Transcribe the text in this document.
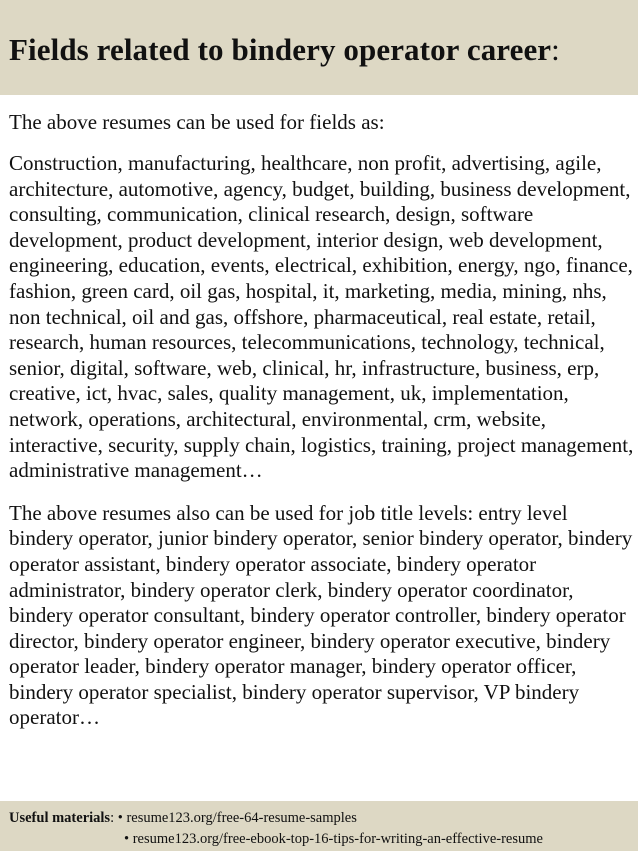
Fields related to bindery operator career:

The above resumes can be used for fields as:

Construction, manufacturing, healthcare, non profit, advertising, agile, architecture, automotive, agency, budget, building, business development, consulting, communication, clinical research, design, software development, product development, interior design, web development, engineering, education, events, electrical, exhibition, energy, ngo, finance, fashion, green card, oil gas, hospital, it, marketing, media, mining, nhs, non technical, oil and gas, offshore, pharmaceutical, real estate, retail, research, human resources, telecommunications, technology, technical, senior, digital, software, web, clinical, hr, infrastructure, business, erp, creative, ict, hvac, sales, quality management, uk, implementation, network, operations, architectural, environmental, crm, website, interactive, security, supply chain, logistics, training, project management, administrative management…

The above resumes also can be used for job title levels: entry level bindery operator, junior bindery operator, senior bindery operator, bindery operator assistant, bindery operator associate, bindery operator administrator, bindery operator clerk, bindery operator coordinator, bindery operator consultant, bindery operator controller, bindery operator director, bindery operator engineer, bindery operator executive, bindery operator leader, bindery operator manager, bindery operator officer, bindery operator specialist, bindery operator supervisor, VP bindery operator…

Useful materials: • resume123.org/free-64-resume-samples
• resume123.org/free-ebook-top-16-tips-for-writing-an-effective-resume
